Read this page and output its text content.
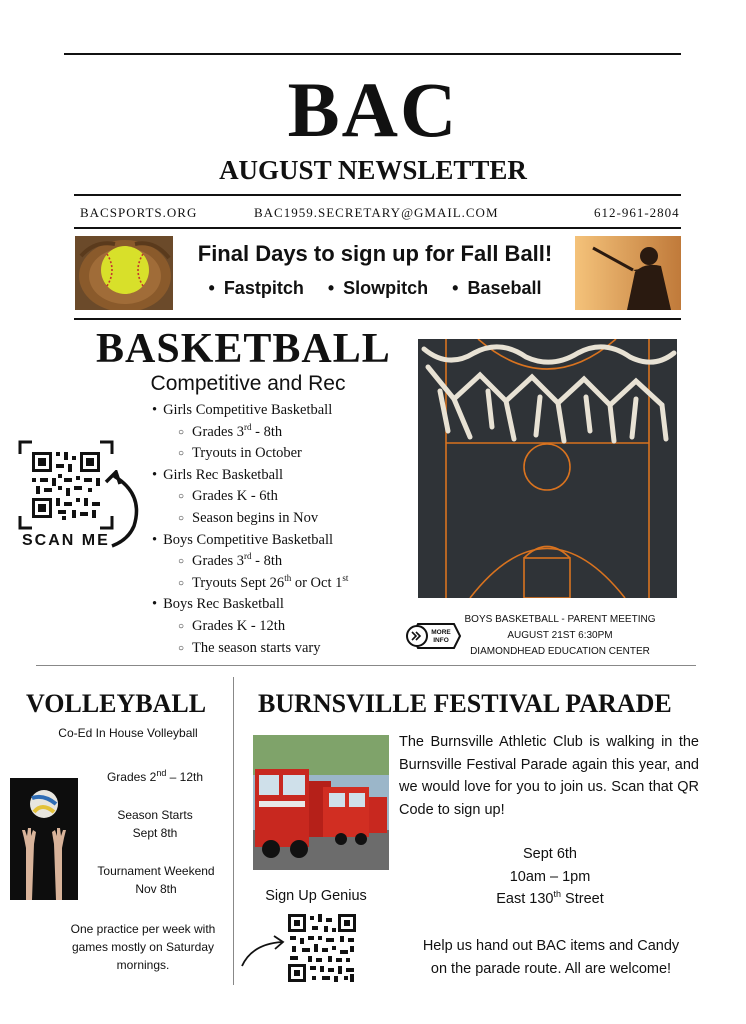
BAC
AUGUST NEWSLETTER
BACSPORTS.ORG	BAC1959.SECRETARY@GMAIL.COM	612-961-2804
Final Days to sign up for Fall Ball!
• Fastpitch	• Slowpitch	• Baseball
BASKETBALL
Competitive and Rec
• Girls Competitive Basketball
○ Grades 3rd - 8th
○ Tryouts in October
• Girls Rec Basketball
○ Grades K - 6th
○ Season begins in Nov
• Boys Competitive Basketball
○ Grades 3rd - 8th
○ Tryouts Sept 26th or Oct 1st
• Boys Rec Basketball
○ Grades K - 12th
○ The season starts vary
SCAN ME
MORE
INFO
BOYS BASKETBALL - PARENT MEETING
AUGUST 21ST 6:30PM
DIAMONDHEAD EDUCATION CENTER
VOLLEYBALL
Co-Ed In House Volleyball
Grades 2nd – 12th
Season Starts
Sept 8th
Tournament Weekend
Nov 8th
One practice per week with
games mostly on Saturday
mornings.
BURNSVILLE FESTIVAL PARADE
The Burnsville Athletic Club is walking in the Burnsville Festival Parade again this year, and we would love for you to join us. Scan that QR Code to sign up!
Sept 6th
10am – 1pm
East 130th Street
Help us hand out BAC items and Candy
on the parade route. All are welcome!
Sign Up Genius
